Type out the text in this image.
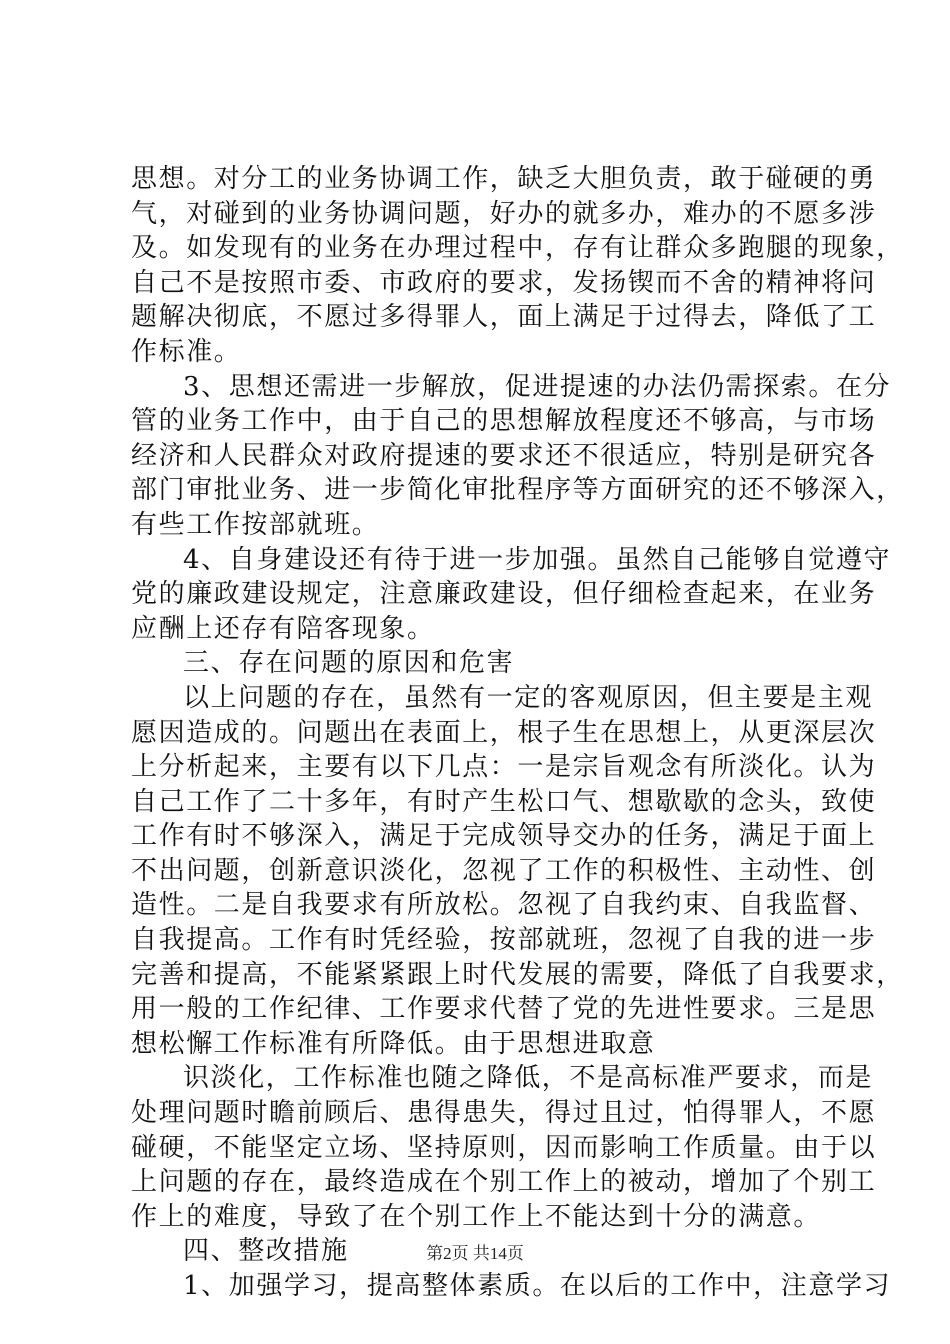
思想。对分工的业务协调工作，缺乏大胆负责，敢于碰硬的勇
气，对碰到的业务协调问题，好办的就多办，难办的不愿多涉
及。如发现有的业务在办理过程中，存有让群众多跑腿的现象，
自己不是按照市委、市政府的要求，发扬锲而不舍的精神将问
题解决彻底，不愿过多得罪人，面上满足于过得去，降低了工
作标准。
3、思想还需进一步解放，促进提速的办法仍需探索。在分
管的业务工作中，由于自己的思想解放程度还不够高，与市场
经济和人民群众对政府提速的要求还不很适应，特别是研究各
部门审批业务、进一步简化审批程序等方面研究的还不够深入，
有些工作按部就班。
4、自身建设还有待于进一步加强。虽然自己能够自觉遵守
党的廉政建设规定，注意廉政建设，但仔细检查起来，在业务
应酬上还存有陪客现象。
三、存在问题的原因和危害
以上问题的存在，虽然有一定的客观原因，但主要是主观
愿因造成的。问题出在表面上，根子生在思想上，从更深层次
上分析起来，主要有以下几点：一是宗旨观念有所淡化。认为
自己工作了二十多年，有时产生松口气、想歇歇的念头，致使
工作有时不够深入，满足于完成领导交办的任务，满足于面上
不出问题，创新意识淡化，忽视了工作的积极性、主动性、创
造性。二是自我要求有所放松。忽视了自我约束、自我监督、
自我提高。工作有时凭经验，按部就班，忽视了自我的进一步
完善和提高，不能紧紧跟上时代发展的需要，降低了自我要求，
用一般的工作纪律、工作要求代替了党的先进性要求。三是思
想松懈工作标准有所降低。由于思想进取意
识淡化，工作标准也随之降低，不是高标准严要求，而是
处理问题时瞻前顾后、患得患失，得过且过，怕得罪人，不愿
碰硬，不能坚定立场、坚持原则，因而影响工作质量。由于以
上问题的存在，最终造成在个别工作上的被动，增加了个别工
作上的难度，导致了在个别工作上不能达到十分的满意。
四、整改措施
1、加强学习，提高整体素质。在以后的工作中，注意学习
第2页 共14页
